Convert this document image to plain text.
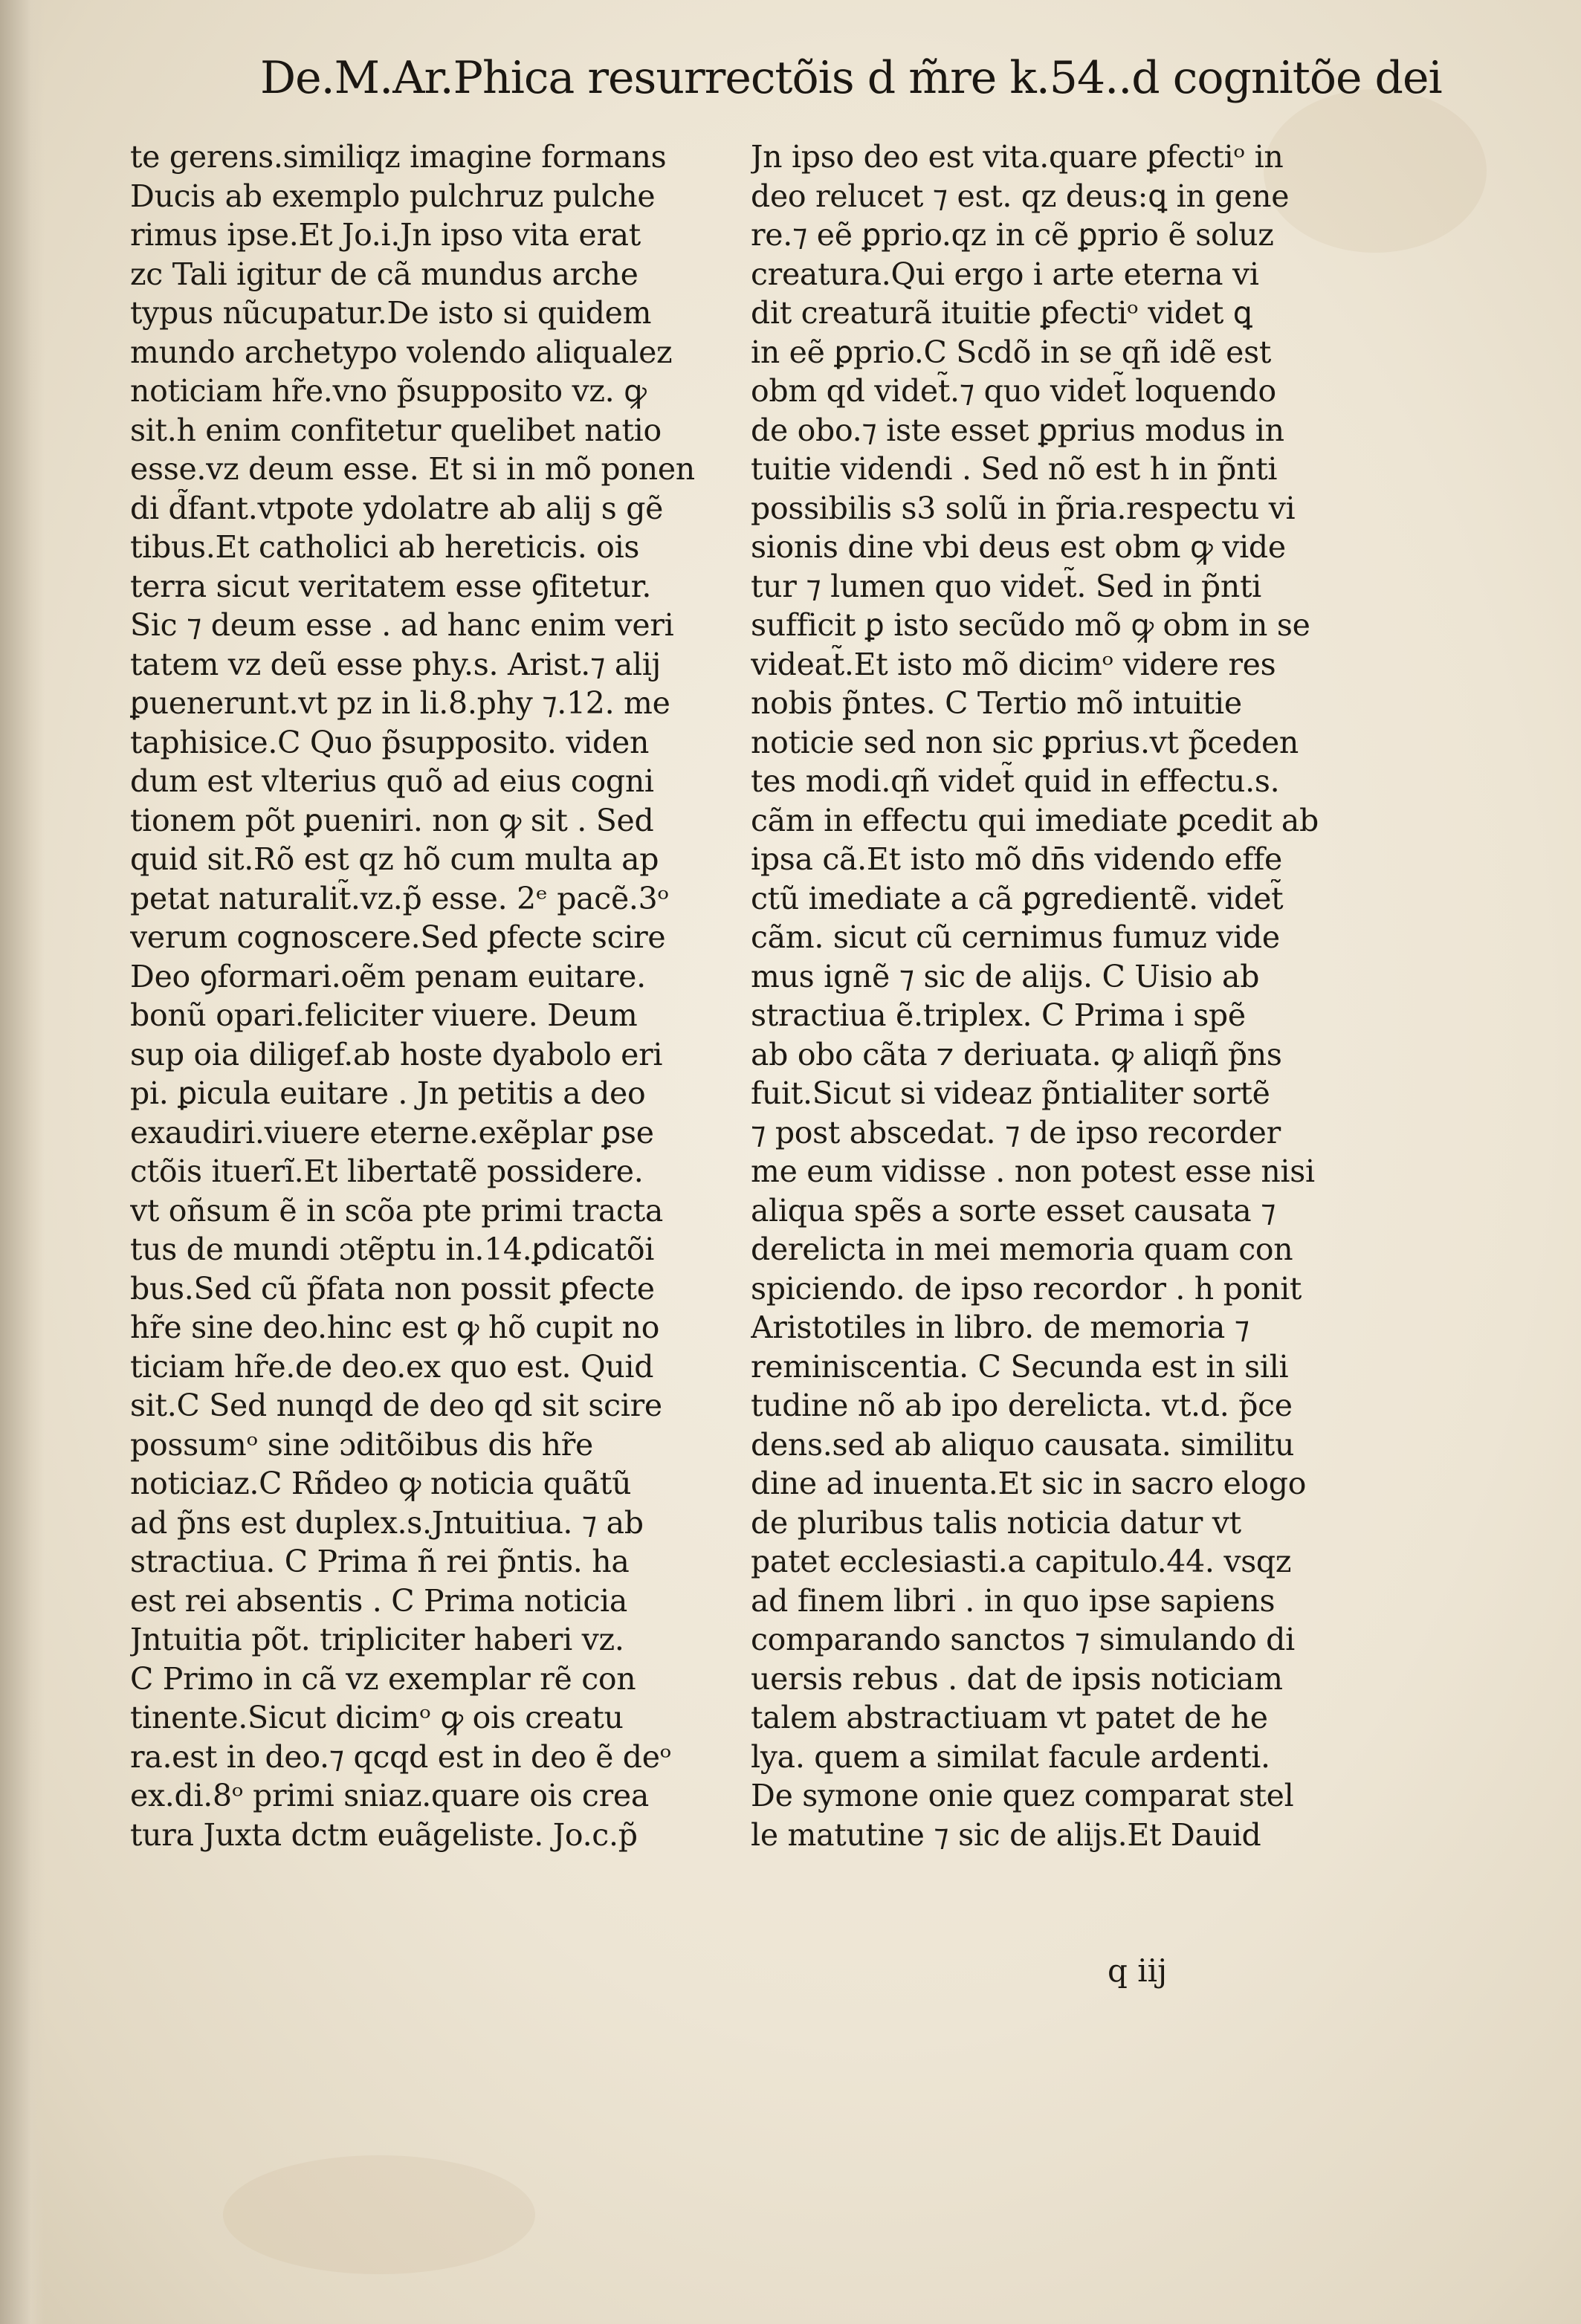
De.M.Ar.Phica resurrectõis d m̃re k.54..d cognitõe dei
te gerens.similiqz imagine formans
Ducis ab exemplo pulchruz pulche
rimus ipse.Et Jo.i.Jn ipso vita erat
zc Tali igitur de cã mundus arche
typus nũcupatur.De isto si quidem
mundo archetypo volendo aliqualez
noticiam hr̃e.vno p̃supposito vz. ꝙ
sit.h enim confitetur quelibet natio
esse.vz deum esse. Et si in mõ ponen
di d̃fant.vtpote ydolatre ab alij s gẽ
tibus.Et catholici ab hereticis. ois
terra sicut veritatem esse ꝯfitetur.
Sic ⁊ deum esse . ad hanc enim veri
tatem vz deũ esse phy.s. Arist.⁊ alij
ꝑuenerunt.vt pz in li.8.phy ⁊.12. me
taphisice.C Quo p̃supposito. viden
dum est vlterius quõ ad eius cogni
tionem põt ꝑueniri. non ꝙ sit . Sed
quid sit.Rõ est qz hõ cum multa ap
petat naturalit̃.vz.p̃ esse. 2ᵉ pacẽ.3ᵒ
verum cognoscere.Sed ꝑfecte scire
Deo ꝯformari.oẽm penam euitare.
bonũ opari.feliciter viuere. Deum
sup oia diligef.ab hoste dyabolo eri
pi. ꝑicula euitare . Jn petitis a deo
exaudiri.viuere eterne.exẽplar ꝑse
ctõis ituerĩ.Et libertatẽ possidere.
vt oñsum ẽ in scõa pte primi tracta
tus de mundi ɔtẽptu in.14.ꝑdicatõi
bus.Sed cũ p̃fata non possit ꝑfecte
hr̃e sine deo.hinc est ꝙ hõ cupit no
ticiam hr̃e.de deo.ex quo est. Quid
sit.C Sed nunqd de deo qd sit scire
possumᵒ sine ɔditõibus dis hr̃e
noticiaz.C Rñdeo ꝙ noticia quãtũ
ad p̃ns est duplex.s.Jntuitiua. ⁊ ab
stractiua. C Prima ñ rei p̃ntis. ha
est rei absentis . C Prima noticia
Jntuitia põt. tripliciter haberi vz.
C Primo in cã vz exemplar rẽ con
tinente.Sicut dicimᵒ ꝙ ois creatu
ra.est in deo.⁊ qcqd est in deo ẽ deᵒ
ex.di.8ᵒ primi sniaz.quare ois crea
tura Juxta dctm euãgeliste. Jo.c.p̃
Jn ipso deo est vita.quare ꝑfectiᵒ in
deo relucet ⁊ est. qz deus:ꝗ in gene
re.⁊ eẽ ꝑprio.qz in cẽ ꝑprio ẽ soluz
creatura.Qui ergo i arte eterna vi
dit creaturã ituitie ꝑfectiᵒ videt ꝗ
in eẽ ꝑprio.C Scdõ in se qñ idẽ est
obm qd videt̃.⁊ quo videt̃ loquendo
de obo.⁊ iste esset ꝑprius modus in
tuitie videndi . Sed nõ est h in p̃nti
possibilis s3 solũ in p̃ria.respectu vi
sionis dine vbi deus est obm ꝙ vide
tur ⁊ lumen quo videt̃. Sed in p̃nti
sufficit ꝑ isto secũdo mõ ꝙ obm in se
videat̃.Et isto mõ dicimᵒ videre res
nobis p̃ntes. C Tertio mõ intuitie
noticie sed non sic ꝑprius.vt p̃ceden
tes modi.qñ videt̃ quid in effectu.s.
cãm in effectu qui imediate ꝑcedit ab
ipsa cã.Et isto mõ dn̄s videndo effe
ctũ imediate a cã ꝑgredientẽ. videt̃
cãm. sicut cũ cernimus fumuz vide
mus ignẽ ⁊ sic de alijs. C Uisio ab
stractiua ẽ.triplex. C Prima i spẽ
ab obo cãta ⁊ deriuata. ꝙ aliqñ p̃ns
fuit.Sicut si videaz p̃ntialiter sortẽ
⁊ post abscedat. ⁊ de ipso recorder
me eum vidisse . non potest esse nisi
aliqua spẽs a sorte esset causata ⁊
derelicta in mei memoria quam con
spiciendo. de ipso recordor . h ponit
Aristotiles in libro. de memoria ⁊
reminiscentia. C Secunda est in sili
tudine nõ ab ipo derelicta. vt.d. p̃ce
dens.sed ab aliquo causata. similitu
dine ad inuenta.Et sic in sacro elogo
de pluribus talis noticia datur vt
patet ecclesiasti.a capitulo.44. vsqz
ad finem libri . in quo ipse sapiens
comparando sanctos ⁊ simulando di
uersis rebus . dat de ipsis noticiam
talem abstractiuam vt patet de he
lya. quem a similat facule ardenti.
De symone onie quez comparat stel
le matutine ⁊ sic de alijs.Et Dauid
q iij
